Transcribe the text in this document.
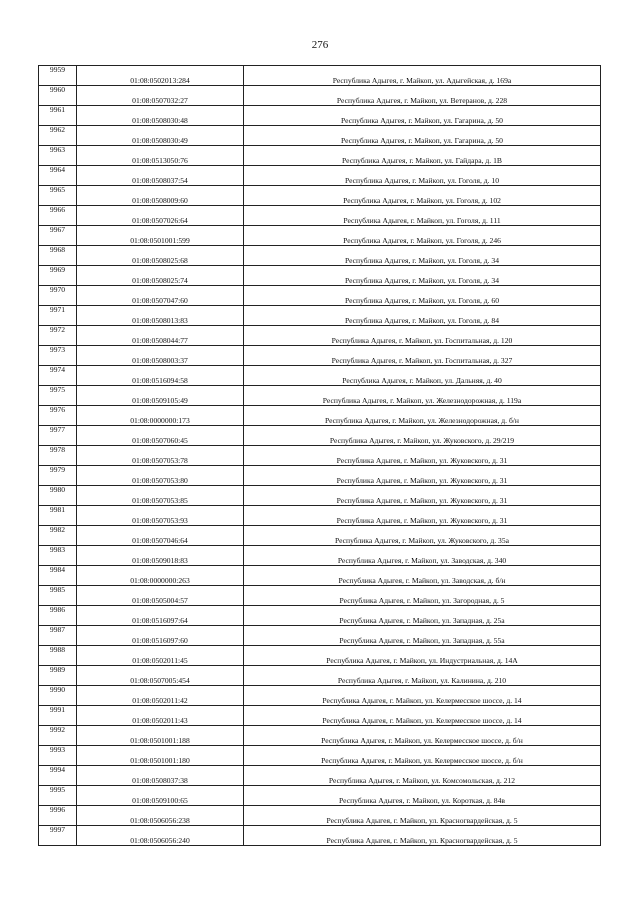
276
9959	01:08:0502013:284	Республика Адыгея, г. Майкоп, ул. Адыгейская, д. 169а
9960	01:08:0507032:27	Республика Адыгея, г. Майкоп, ул. Ветеранов, д. 228
9961	01:08:0508030:48	Республика Адыгея, г. Майкоп, ул. Гагарина, д. 50
9962	01:08:0508030:49	Республика Адыгея, г. Майкоп, ул. Гагарина, д. 50
9963	01:08:0513050:76	Республика Адыгея, г. Майкоп, ул. Гайдара, д. 1В
9964	01:08:0508037:54	Республика Адыгея, г. Майкоп, ул. Гоголя, д. 10
9965	01:08:0508009:60	Республика Адыгея, г. Майкоп, ул. Гоголя, д. 102
9966	01:08:0507026:64	Республика Адыгея, г. Майкоп, ул. Гоголя, д. 111
9967	01:08:0501001:599	Республика Адыгея, г. Майкоп, ул. Гоголя, д. 246
9968	01:08:0508025:68	Республика Адыгея, г. Майкоп, ул. Гоголя, д. 34
9969	01:08:0508025:74	Республика Адыгея, г. Майкоп, ул. Гоголя, д. 34
9970	01:08:0507047:60	Республика Адыгея, г. Майкоп, ул. Гоголя, д. 60
9971	01:08:0508013:83	Республика Адыгея, г. Майкоп, ул. Гоголя, д. 84
9972	01:08:0508044:77	Республика Адыгея, г. Майкоп, ул. Госпитальная, д. 120
9973	01:08:0508003:37	Республика Адыгея, г. Майкоп, ул. Госпитальная, д. 327
9974	01:08:0516094:58	Республика Адыгея, г. Майкоп, ул. Дальняя, д. 40
9975	01:08:0509105:49	Республика Адыгея, г. Майкоп, ул. Железнодорожная, д. 119а
9976	01:08:0000000:173	Республика Адыгея, г. Майкоп, ул. Железнодорожная, д. б/н
9977	01:08:0507060:45	Республика Адыгея, г. Майкоп, ул. Жуковского, д. 29/219
9978	01:08:0507053:78	Республика Адыгея, г. Майкоп, ул. Жуковского, д. 31
9979	01:08:0507053:80	Республика Адыгея, г. Майкоп, ул. Жуковского, д. 31
9980	01:08:0507053:85	Республика Адыгея, г. Майкоп, ул. Жуковского, д. 31
9981	01:08:0507053:93	Республика Адыгея, г. Майкоп, ул. Жуковского, д. 31
9982	01:08:0507046:64	Республика Адыгея, г. Майкоп, ул. Жуковского, д. 35а
9983	01:08:0509018:83	Республика Адыгея, г. Майкоп, ул. Заводская, д. 340
9984	01:08:0000000:263	Республика Адыгея, г. Майкоп, ул. Заводская, д. б/н
9985	01:08:0505004:57	Республика Адыгея, г. Майкоп, ул. Загородная, д. 5
9986	01:08:0516097:64	Республика Адыгея, г. Майкоп, ул. Западная, д. 25а
9987	01:08:0516097:60	Республика Адыгея, г. Майкоп, ул. Западная, д. 55а
9988	01:08:0502011:45	Республика Адыгея, г. Майкоп, ул. Индустриальная, д. 14А
9989	01:08:0507005:454	Республика Адыгея, г. Майкоп, ул. Калинина, д. 210
9990	01:08:0502011:42	Республика Адыгея, г. Майкоп, ул. Келермесское шоссе, д. 14
9991	01:08:0502011:43	Республика Адыгея, г. Майкоп, ул. Келермесское шоссе, д. 14
9992	01:08:0501001:188	Республика Адыгея, г. Майкоп, ул. Келермесское шоссе, д. б/н
9993	01:08:0501001:180	Республика Адыгея, г. Майкоп, ул. Келермесское шоссе, д. б/н
9994	01:08:0508037:38	Республика Адыгея, г. Майкоп, ул. Комсомольская, д. 212
9995	01:08:0509100:65	Республика Адыгея, г. Майкоп, ул. Короткая, д. 84в
9996	01:08:0506056:238	Республика Адыгея, г. Майкоп, ул. Красногвардейская, д. 5
9997	01:08:0506056:240	Республика Адыгея, г. Майкоп, ул. Красногвардейская, д. 5
